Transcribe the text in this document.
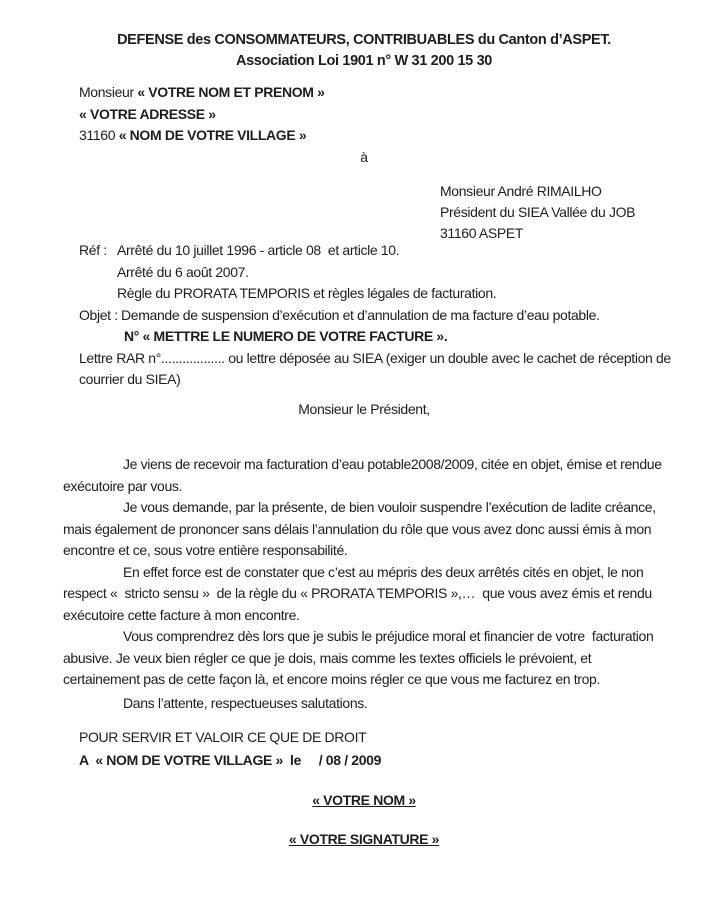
DEFENSE des CONSOMMATEURS, CONTRIBUABLES du Canton d’ASPET.
Association Loi 1901 n° W 31 200 15 30
Monsieur « VOTRE NOM ET PRENOM »
« VOTRE ADRESSE »
31160 « NOM DE VOTRE VILLAGE »
à
Monsieur André RIMAILHO
Président du SIEA Vallée du JOB
31160 ASPET
Réf : Arrêté du 10 juillet 1996 - article 08  et article 10.
Arrêté du 6 août 2007.
Règle du PRORATA TEMPORIS et règles légales de facturation.
Objet : Demande de suspension d’exécution et d’annulation de ma facture d’eau potable.
N° « METTRE LE NUMERO DE VOTRE FACTURE ».
Lettre RAR n°.................. ou lettre déposée au SIEA (exiger un double avec le cachet de réception de
courrier du SIEA)
Monsieur le Président,
Je viens de recevoir ma facturation d’eau potable2008/2009, citée en objet, émise et rendue
exécutoire par vous.
Je vous demande, par la présente, de bien vouloir suspendre l’exécution de ladite créance,
mais également de prononcer sans délais l’annulation du rôle que vous avez donc aussi émis à mon
encontre et ce, sous votre entière responsabilité.
En effet force est de constater que c’est au mépris des deux arrêtés cités en objet, le non
respect «  stricto sensu »  de la règle du « PRORATA TEMPORIS »,…  que vous avez émis et rendu
exécutoire cette facture à mon encontre.
Vous comprendrez dès lors que je subis le préjudice moral et financier de votre  facturation
abusive. Je veux bien régler ce que je dois, mais comme les textes officiels le prévoient, et
certainement pas de cette façon là, et encore moins régler ce que vous me facturez en trop.
Dans l’attente, respectueuses salutations.
POUR SERVIR ET VALOIR CE QUE DE DROIT
A  « NOM DE VOTRE VILLAGE »  le     / 08 / 2009
« VOTRE NOM »
« VOTRE SIGNATURE »
